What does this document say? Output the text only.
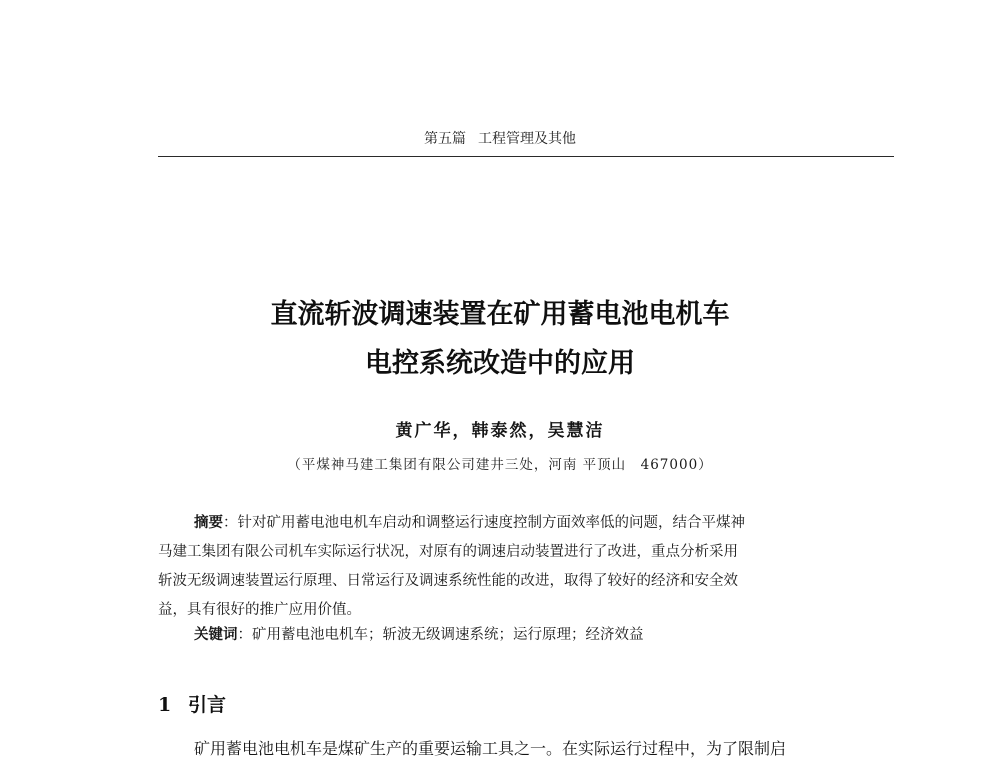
第五篇 工程管理及其他
直流斩波调速装置在矿用蓄电池电机车
电控系统改造中的应用
黄广华，韩泰然，吴慧洁
（平煤神马建工集团有限公司建井三处，河南 平顶山　467000）
摘要：针对矿用蓄电池电机车启动和调整运行速度控制方面效率低的问题，结合平煤神
马建工集团有限公司机车实际运行状况，对原有的调速启动装置进行了改进，重点分析采用
斩波无级调速装置运行原理、日常运行及调速系统性能的改进，取得了较好的经济和安全效
益，具有很好的推广应用价值。
关键词：矿用蓄电池电机车；斩波无级调速系统；运行原理；经济效益
1 引言
矿用蓄电池电机车是煤矿生产的重要运输工具之一。在实际运行过程中，为了限制启
